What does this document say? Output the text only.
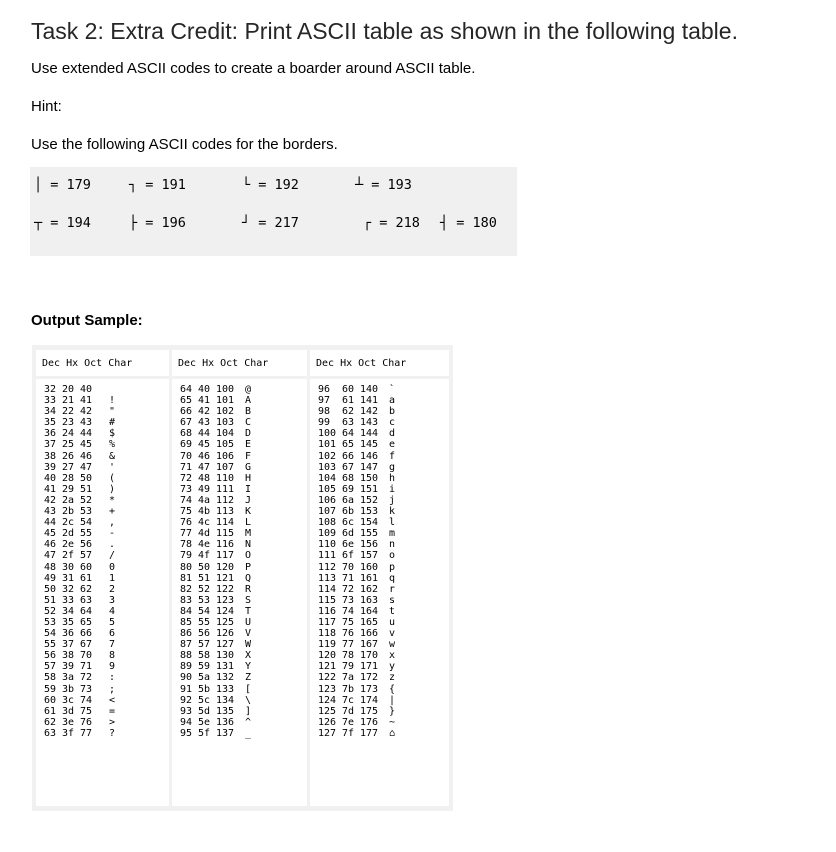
Task 2: Extra Credit: Print ASCII table as shown in the following table.
Use extended ASCII codes to create a boarder around ASCII table.
Hint:
Use the following ASCII codes for the borders.
│ = 179	┐ = 191	└ = 192	┴ = 193
┬ = 194	├ = 196	┘ = 217	┌ = 218 ┤ = 180
Output Sample:
Dec Hx Oct Char
32 20 40
33 21 41 !
34 22 42 "
35 23 43 #
36 24 44 $
37 25 45 %
38 26 46 &
39 27 47 '
40 28 50 (
41 29 51 )
42 2a 52 *
43 2b 53 +
44 2c 54 ,
45 2d 55 -
46 2e 56 .
47 2f 57 /
48 30 60 0
49 31 61 1
50 32 62 2
51 33 63 3
52 34 64 4
53 35 65 5
54 36 66 6
55 37 67 7
56 38 70 8
57 39 71 9
58 3a 72 :
59 3b 73 ;
60 3c 74 <
61 3d 75 =
62 3e 76 >
63 3f 77 ?
Dec Hx Oct Char
64 40 100 @
65 41 101 A
66 42 102 B
67 43 103 C
68 44 104 D
69 45 105 E
70 46 106 F
71 47 107 G
72 48 110 H
73 49 111 I
74 4a 112 J
75 4b 113 K
76 4c 114 L
77 4d 115 M
78 4e 116 N
79 4f 117 O
80 50 120 P
81 51 121 Q
82 52 122 R
83 53 123 S
84 54 124 T
85 55 125 U
86 56 126 V
87 57 127 W
88 58 130 X
89 59 131 Y
90 5a 132 Z
91 5b 133 [
92 5c 134 \
93 5d 135 ]
94 5e 136 ^
95 5f 137 _
Dec Hx Oct Char
96 60 140 `
97 61 141 a
98 62 142 b
99 63 143 c
100 64 144 d
101 65 145 e
102 66 146 f
103 67 147 g
104 68 150 h
105 69 151 i
106 6a 152 j
107 6b 153 k
108 6c 154 l
109 6d 155 m
110 6e 156 n
111 6f 157 o
112 70 160 p
113 71 161 q
114 72 162 r
115 73 163 s
116 74 164 t
117 75 165 u
118 76 166 v
119 77 167 w
120 78 170 x
121 79 171 y
122 7a 172 z
123 7b 173 {
124 7c 174 |
125 7d 175 }
126 7e 176 ~
127 7f 177 ⌂
